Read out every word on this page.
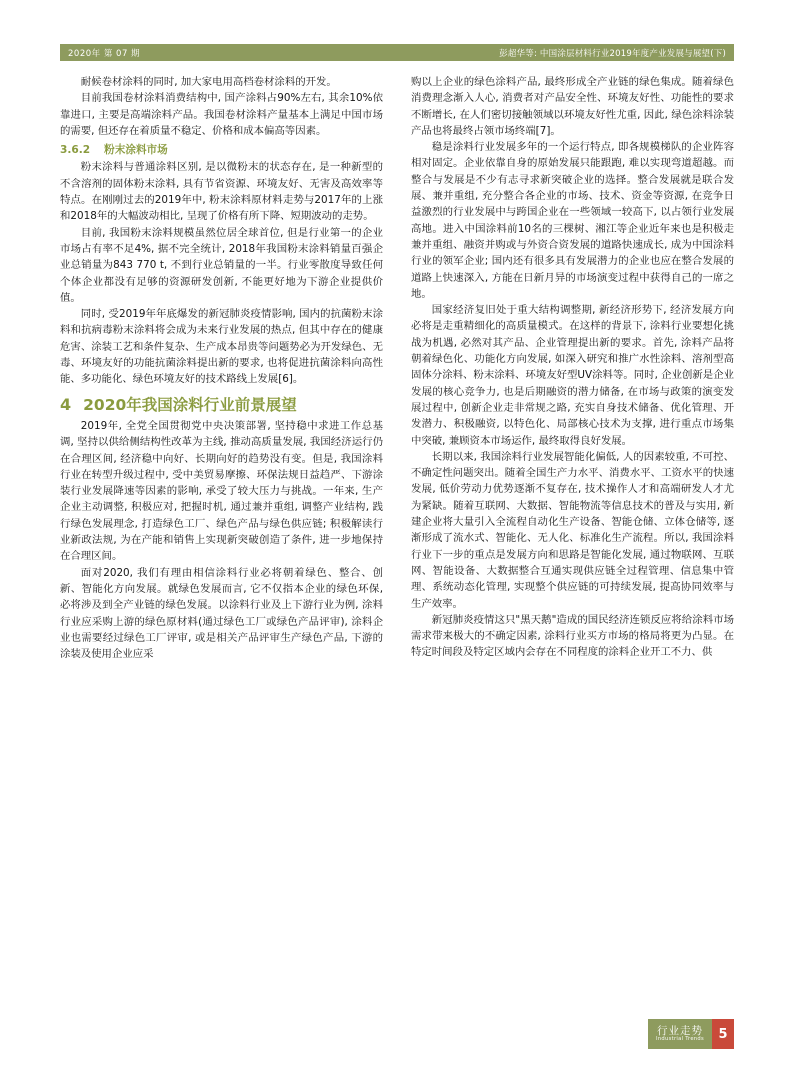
2020年 第 07 期	彭超华等: 中国涂层材料行业2019年度产业发展与展望(下)

耐候卷材涂料的同时, 加大家电用高档卷材涂料的开发。

目前我国卷材涂料消费结构中, 国产涂料占90%左右, 其余10%依靠进口, 主要是高端涂料产品。我国卷材涂料产量基本上满足中国市场的需要, 但还存在着质量不稳定、价格和成本偏高等因素。

3.6.2 粉末涂料市场

粉末涂料与普通涂料区别, 是以微粉末的状态存在, 是一种新型的不含溶剂的固体粉末涂料, 具有节省资源、环境友好、无害及高效率等特点。在刚刚过去的2019年中, 粉末涂料原材料走势与2017年的上涨和2018年的大幅波动相比, 呈现了价格有所下降、短期波动的走势。

目前, 我国粉末涂料规模虽然位居全球首位, 但是行业第一的企业市场占有率不足4%, 据不完全统计, 2018年我国粉末涂料销量百强企业总销量为843 770 t, 不到行业总销量的一半。行业零散度导致任何个体企业都没有足够的资源研发创新, 不能更好地为下游企业提供价值。

同时, 受2019年年底爆发的新冠肺炎疫情影响, 国内的抗菌粉末涂料和抗病毒粉末涂料将会成为未来行业发展的热点, 但其中存在的健康危害、涂装工艺和条件复杂、生产成本昂贵等问题势必为开发绿色、无毒、环境友好的功能抗菌涂料提出新的要求, 也将促进抗菌涂料向高性能、多功能化、绿色环境友好的技术路线上发展[6]。

4 2020年我国涂料行业前景展望

2019年, 全党全国贯彻党中央决策部署, 坚持稳中求进工作总基调, 坚持以供给侧结构性改革为主线, 推动高质量发展, 我国经济运行仍在合理区间, 经济稳中向好、长期向好的趋势没有变。但是, 我国涂料行业在转型升级过程中, 受中美贸易摩擦、环保法规日益趋严、下游涂装行业发展降速等因素的影响, 承受了较大压力与挑战。一年来, 生产企业主动调整, 积极应对, 把握时机, 通过兼并重组, 调整产业结构, 践行绿色发展理念, 打造绿色工厂、绿色产品与绿色供应链; 积极解读行业新政法规, 为在产能和销售上实现新突破创造了条件, 进一步地保持在合理区间。

面对2020, 我们有理由相信涂料行业必将朝着绿色、整合、创新、智能化方向发展。就绿色发展而言, 它不仅指本企业的绿色环保, 必将涉及到全产业链的绿色发展。以涂料行业及上下游行业为例, 涂料行业应采购上游的绿色原材料(通过绿色工厂或绿色产品评审), 涂料企业也需要经过绿色工厂评审, 或是相关产品评审生产绿色产品, 下游的涂装及使用企业应采

购以上企业的绿色涂料产品, 最终形成全产业链的绿色集成。随着绿色消费理念渐入人心, 消费者对产品安全性、环境友好性、功能性的要求不断增长, 在人们密切接触领域以环境友好性尤重, 因此, 绿色涂料涂装产品也将最终占领市场终端[7]。

稳是涂料行业发展多年的一个运行特点, 即各规模梯队的企业阵容相对固定。企业依靠自身的原始发展只能跟跑, 难以实现弯道超越。而整合与发展是不少有志寻求新突破企业的选择。整合发展就是联合发展、兼并重组, 充分整合各企业的市场、技术、资金等资源, 在竞争日益激烈的行业发展中与跨国企业在一些领域一较高下, 以占领行业发展高地。进入中国涂料前10名的三棵树、湘江等企业近年来也是积极走兼并重组、融资并购或与外资合资发展的道路快速成长, 成为中国涂料行业的领军企业; 国内还有很多具有发展潜力的企业也应在整合发展的道路上快速深入, 方能在日新月异的市场演变过程中获得自己的一席之地。

国家经济复旧处于重大结构调整期, 新经济形势下, 经济发展方向必将是走重精细化的高质量模式。在这样的背景下, 涂料行业要想化挑战为机遇, 必然对其产品、企业管理提出新的要求。首先, 涂料产品将朝着绿色化、功能化方向发展, 如深入研究和推广水性涂料、溶剂型高固体分涂料、粉末涂料、环境友好型UV涂料等。同时, 企业创新是企业发展的核心竞争力, 也是后期融资的潜力储备, 在市场与政策的演变发展过程中, 创新企业走非常规之路, 充实自身技术储备、优化管理、开发潜力、积极融资, 以特色化、局部核心技术为支撑, 进行重点市场集中突破, 兼顾资本市场运作, 最终取得良好发展。

长期以来, 我国涂料行业发展智能化偏低, 人的因素较重, 不可控、不确定性问题突出。随着全国生产力水平、消费水平、工资水平的快速发展, 低价劳动力优势逐渐不复存在, 技术操作人才和高端研发人才尤为紧缺。随着互联网、大数据、智能物流等信息技术的普及与实用, 新建企业将大量引入全流程自动化生产设备、智能仓储、立体仓储等, 逐渐形成了流水式、智能化、无人化、标准化生产流程。所以, 我国涂料行业下一步的重点是发展方向和思路是智能化发展, 通过物联网、互联网、智能设备、大数据整合互通实现供应链全过程管理、信息集中管理、系统动态化管理, 实现整个供应链的可持续发展, 提高协同效率与生产效率。

新冠肺炎疫情这只"黑天鹅"造成的国民经济连锁反应将给涂料市场需求带来极大的不确定因素, 涂料行业买方市场的格局将更为凸显。在特定时间段及特定区域内会存在不同程度的涂料企业开工不力、供

行业走势
Industrial Trends	5
